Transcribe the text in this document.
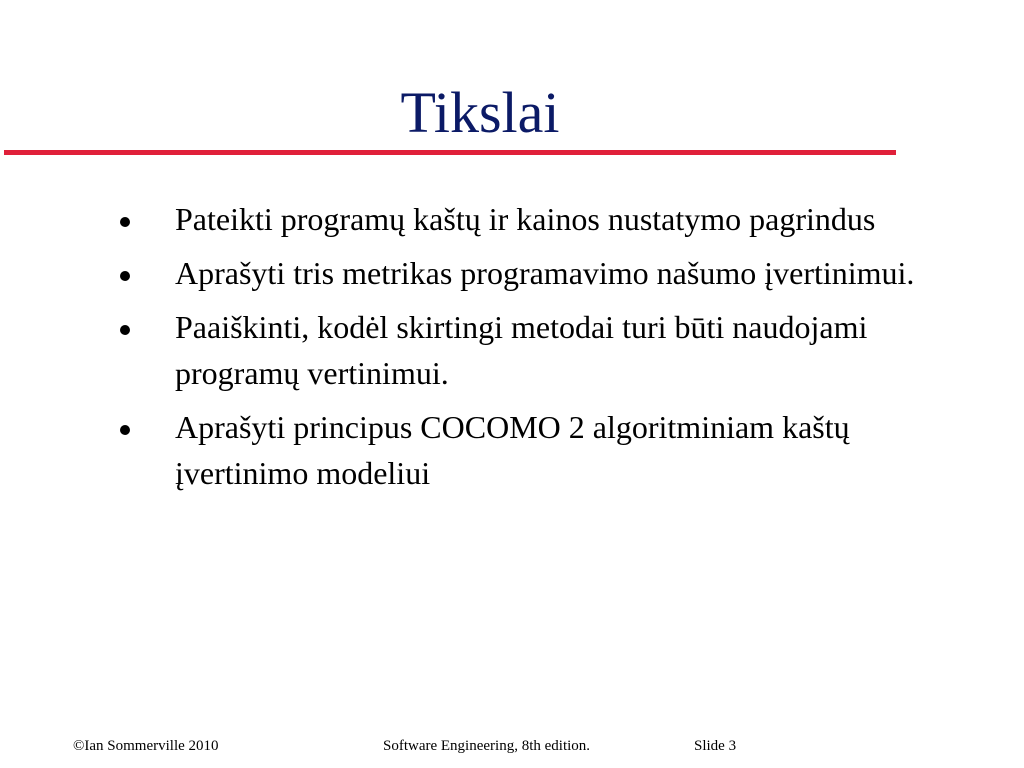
Tikslai
Pateikti programų kaštų ir kainos nustatymo pagrindus
Aprašyti tris metrikas programavimo našumo įvertinimui.
Paaiškinti, kodėl skirtingi metodai turi būti naudojami programų vertinimui.
Aprašyti principus COCOMO 2 algoritminiam kaštų įvertinimo modeliui
©Ian Sommerville 2010	Software Engineering, 8th edition.	Slide 3
